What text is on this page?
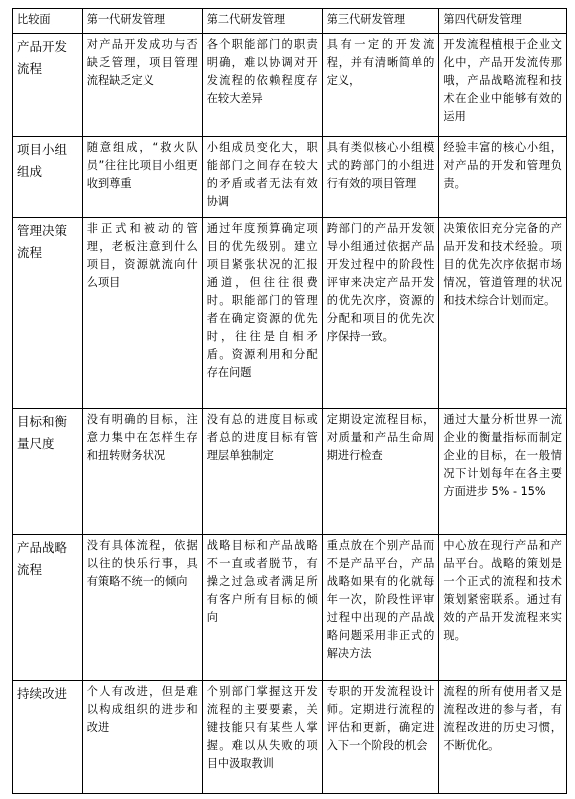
比较面	第一代研发管理	第二代研发管理	第三代研发管理	第四代研发管理
产品开发流程	对产品开发成功与否缺乏管理，项目管理流程缺乏定义	各个职能部门的职责明确，难以协调对开发流程的依赖程度存在较大差异	具有一定的开发流程，并有清晰简单的定义，	开发流程植根于企业文化中，产品开发流传那哦，产品战略流程和技术在企业中能够有效的运用
项目小组组成	随意组成，“救火队员”往往比项目小组更收到尊重	小组成员变化大，职能部门之间存在较大的矛盾或者无法有效协调	具有类似核心小组模式的跨部门的小组进行有效的项目管理	经验丰富的核心小组，对产品的开发和管理负责。
管理决策流程	非正式和被动的管理，老板注意到什么项目，资源就流向什么项目	通过年度预算确定项目的优先级别。建立项目紧张状况的汇报通道，但往往很费时。职能部门的管理者在确定资源的优先时，往往是自相矛盾。资源利用和分配存在问题	跨部门的产品开发领导小组通过依据产品开发过程中的阶段性评审来决定产品开发的优先次序，资源的分配和项目的优先次序保持一致。	决策依旧充分完备的产品开发和技术经验。项目的优先次序依据市场情况，管道管理的状况和技术综合计划而定。
目标和衡量尺度	没有明确的目标，注意力集中在怎样生存和扭转财务状况	没有总的进度目标或者总的进度目标有管理层单独制定	定期设定流程目标，对质量和产品生命周期进行检查	通过大量分析世界一流企业的衡量指标而制定企业的目标，在一般情况下计划每年在各主要方面进步 5% - 15%
产品战略流程	没有具体流程，依据以往的快乐行事，具有策略不统一的倾向	战略目标和产品战略不一直或者脱节，有操之过急或者满足所有客户所有目标的倾向	重点放在个别产品而不是产品平台，产品战略如果有的化就每年一次，阶段性评审过程中出现的产品战略问题采用非正式的解决方法	中心放在现行产品和产品平台。战略的策划是一个正式的流程和技术策划紧密联系。通过有效的产品开发流程来实现。
持续改进	个人有改进，但是难以构成组织的进步和改进	个别部门掌握这开发流程的主要要素，关键技能只有某些人掌握。难以从失败的项目中汲取教训	专职的开发流程设计师。定期进行流程的评估和更新，确定进入下一个阶段的机会	流程的所有使用者又是流程改进的参与者，有流程改进的历史习惯，不断优化。
